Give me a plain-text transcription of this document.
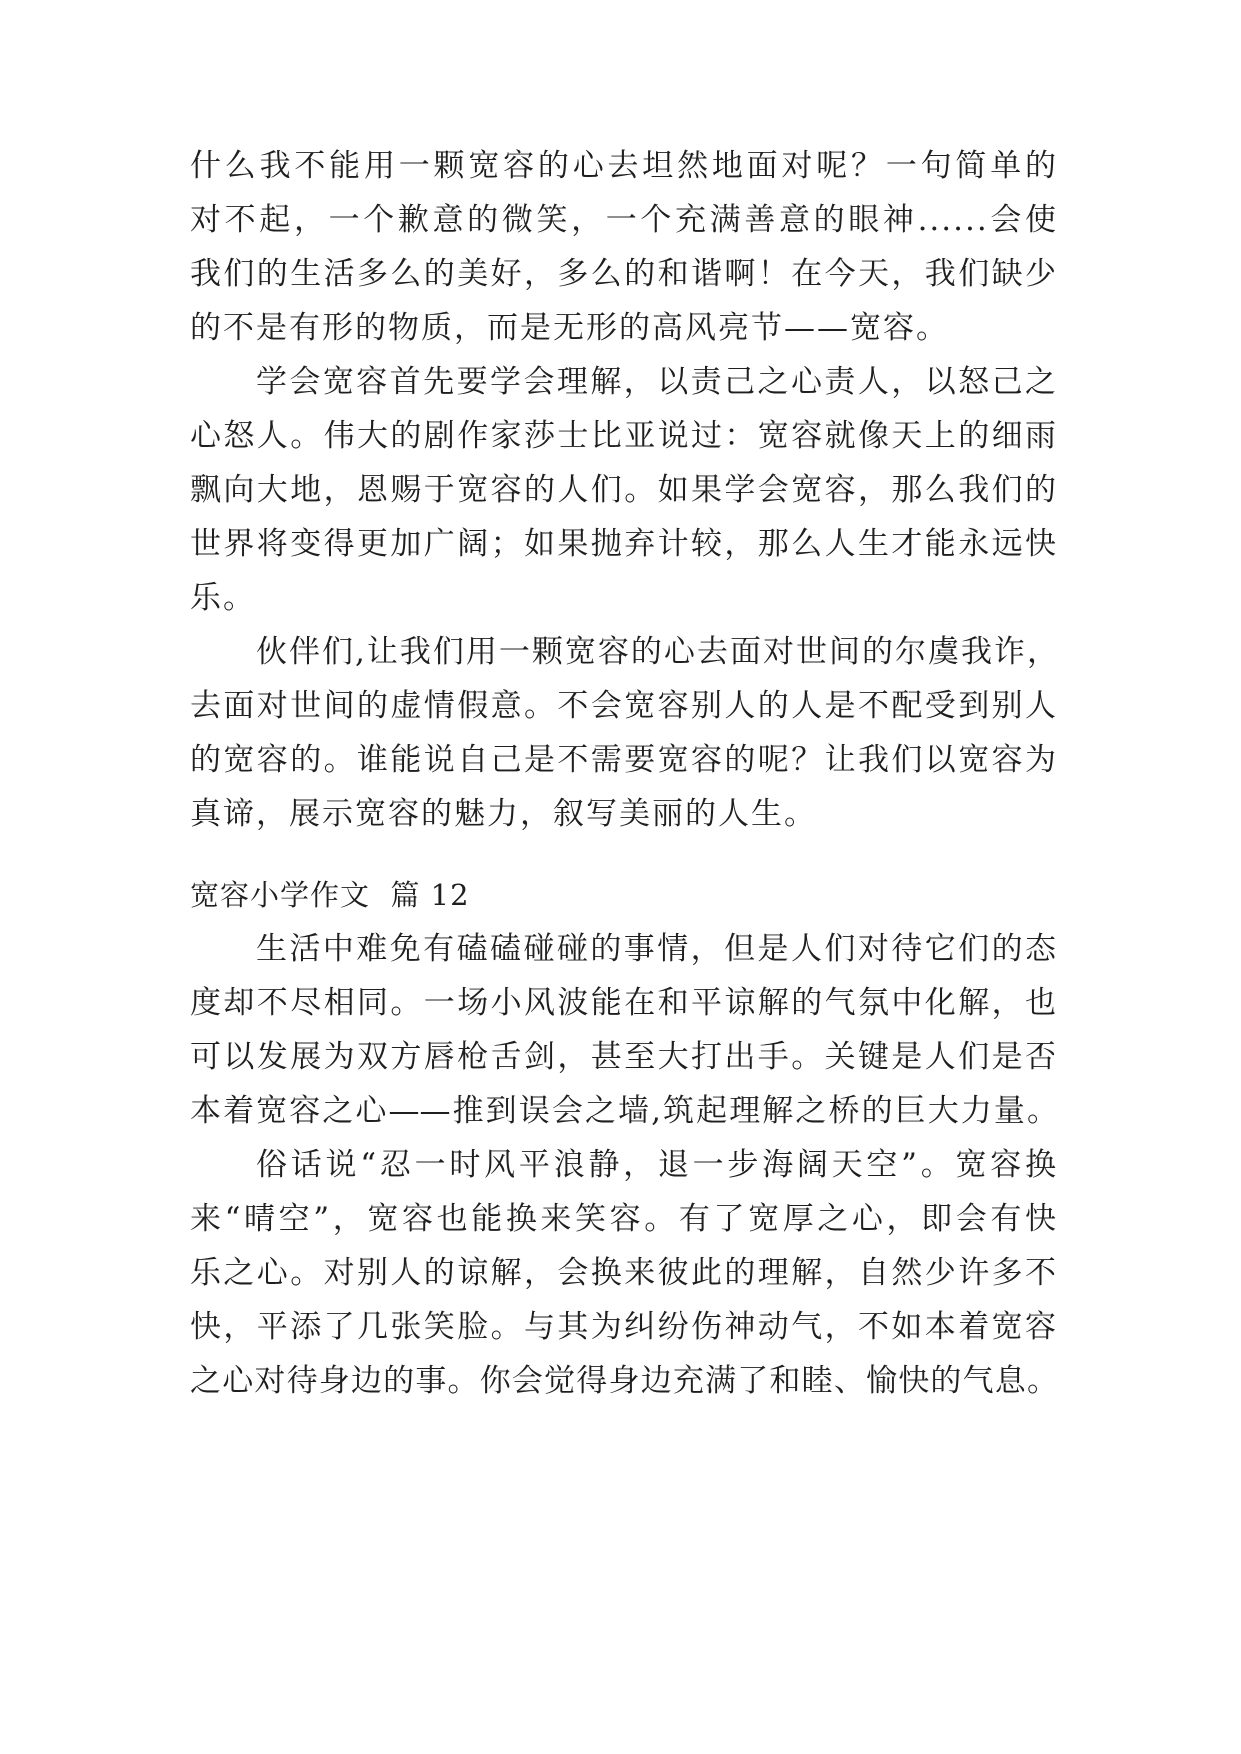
什么我不能用一颗宽容的心去坦然地面对呢？一句简单的
对不起，一个歉意的微笑，一个充满善意的眼神......会使
我们的生活多么的美好，多么的和谐啊！在今天，我们缺少
的不是有形的物质，而是无形的高风亮节——宽容。
学会宽容首先要学会理解，以责己之心责人，以怒己之
心怒人。伟大的剧作家莎士比亚说过：宽容就像天上的细雨
飘向大地，恩赐于宽容的人们。如果学会宽容，那么我们的
世界将变得更加广阔；如果抛弃计较，那么人生才能永远快
乐。
伙伴们,让我们用一颗宽容的心去面对世间的尔虞我诈，
去面对世间的虚情假意。不会宽容别人的人是不配受到别人
的宽容的。谁能说自己是不需要宽容的呢？让我们以宽容为
真谛，展示宽容的魅力，叙写美丽的人生。
宽容小学作文  篇 12
生活中难免有磕磕碰碰的事情，但是人们对待它们的态
度却不尽相同。一场小风波能在和平谅解的气氛中化解，也
可以发展为双方唇枪舌剑，甚至大打出手。关键是人们是否
本着宽容之心——推到误会之墙,筑起理解之桥的巨大力量。
俗话说“忍一时风平浪静，退一步海阔天空”。宽容换
来“晴空”，宽容也能换来笑容。有了宽厚之心，即会有快
乐之心。对别人的谅解，会换来彼此的理解，自然少许多不
快，平添了几张笑脸。与其为纠纷伤神动气，不如本着宽容
之心对待身边的事。你会觉得身边充满了和睦、愉快的气息。
